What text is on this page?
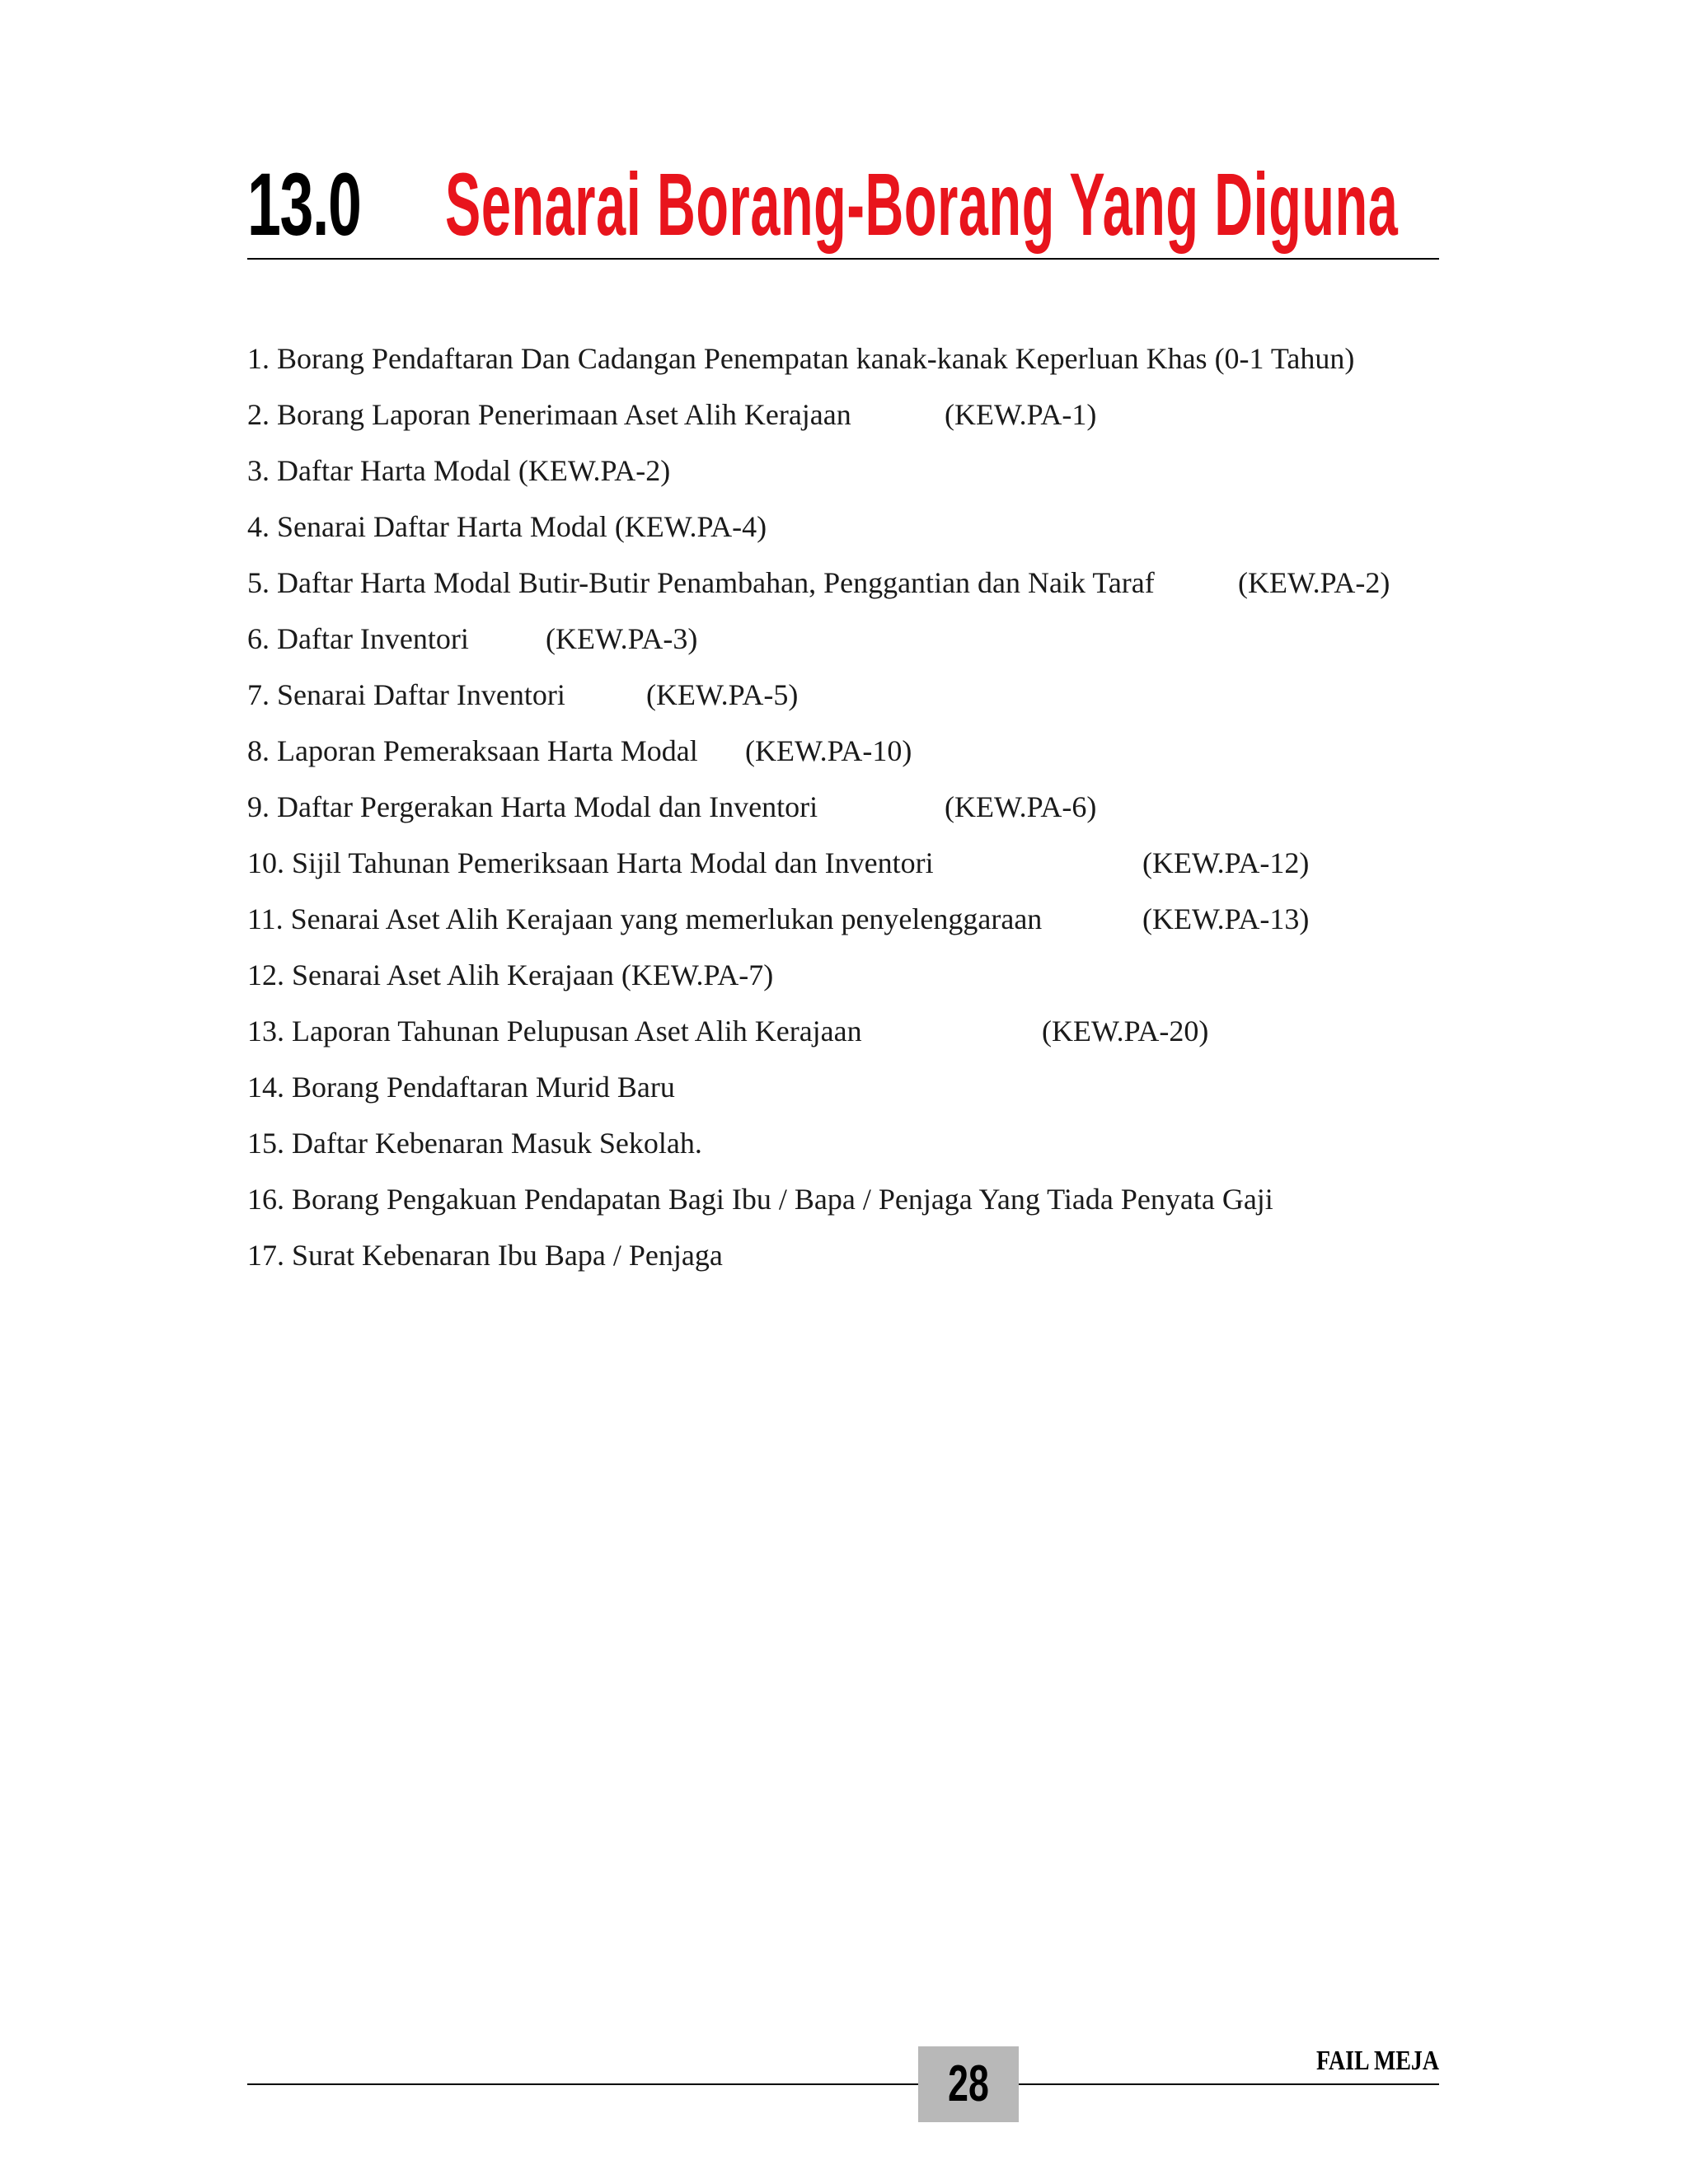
13.0 Senarai Borang-Borang Yang Diguna
1. Borang Pendaftaran Dan Cadangan Penempatan kanak-kanak Keperluan Khas (0-1 Tahun)
2. Borang Laporan Penerimaan Aset Alih Kerajaan	(KEW.PA-1)
3. Daftar Harta Modal (KEW.PA-2)
4. Senarai Daftar Harta Modal (KEW.PA-4)
5. Daftar Harta Modal Butir-Butir Penambahan, Penggantian dan Naik Taraf	(KEW.PA-2)
6. Daftar Inventori	(KEW.PA-3)
7. Senarai Daftar Inventori	(KEW.PA-5)
8. Laporan Pemeraksaan Harta Modal (KEW.PA-10)
9. Daftar Pergerakan Harta Modal dan Inventori	(KEW.PA-6)
10. Sijil Tahunan Pemeriksaan Harta Modal dan Inventori	(KEW.PA-12)
11. Senarai Aset Alih Kerajaan yang memerlukan penyelenggaraan	(KEW.PA-13)
12. Senarai Aset Alih Kerajaan (KEW.PA-7)
13. Laporan Tahunan Pelupusan Aset Alih Kerajaan	(KEW.PA-20)
14. Borang Pendaftaran Murid Baru
15. Daftar Kebenaran Masuk Sekolah.
16. Borang Pengakuan Pendapatan Bagi Ibu / Bapa / Penjaga Yang Tiada Penyata Gaji
17. Surat Kebenaran Ibu Bapa / Penjaga
28	FAIL MEJA
